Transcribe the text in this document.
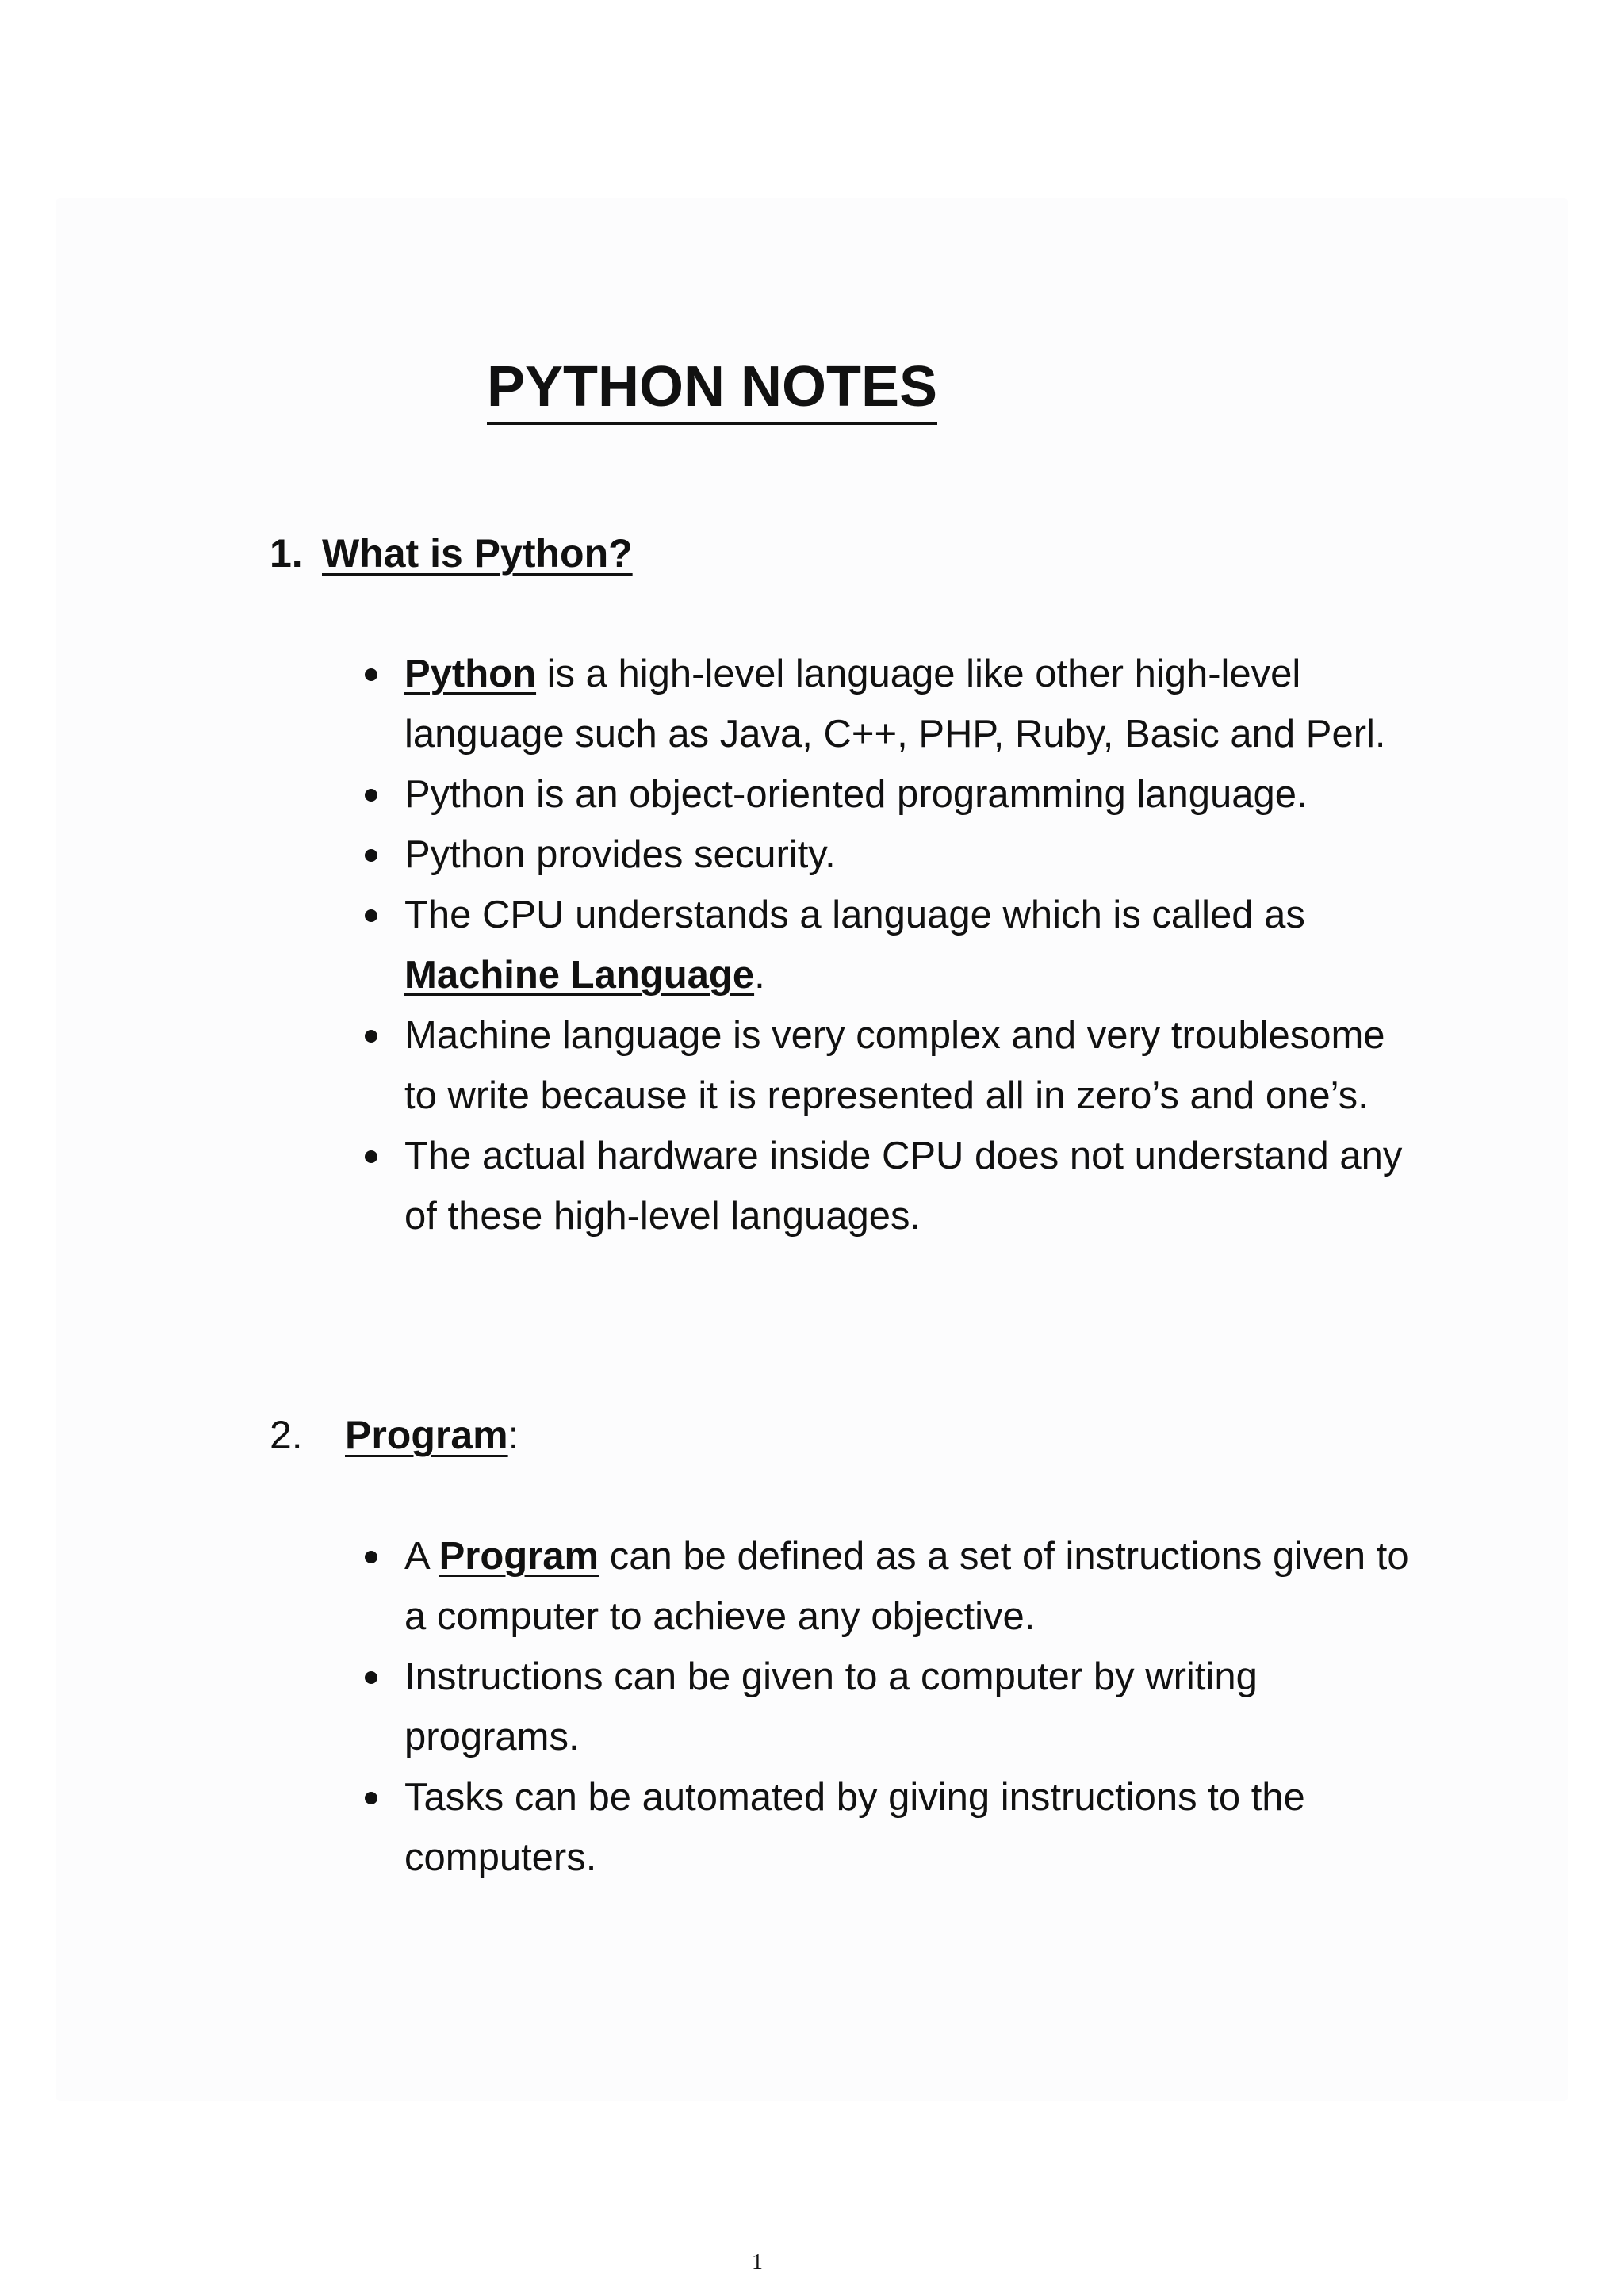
PYTHON NOTES
1. What is Python?
Python is a high-level language like other high-level language such as Java, C++, PHP, Ruby, Basic and Perl.
Python is an object-oriented programming language.
Python provides security.
The CPU understands a language which is called as
Machine Language.
Machine language is very complex and very troublesome to write because it is represented all in zero’s and one’s.
The actual hardware inside CPU does not understand any of these high-level languages.
2. Program:
A Program can be defined as a set of instructions given to a computer to achieve any objective.
Instructions can be given to a computer by writing programs.
Tasks can be automated by giving instructions to the computers.
1
